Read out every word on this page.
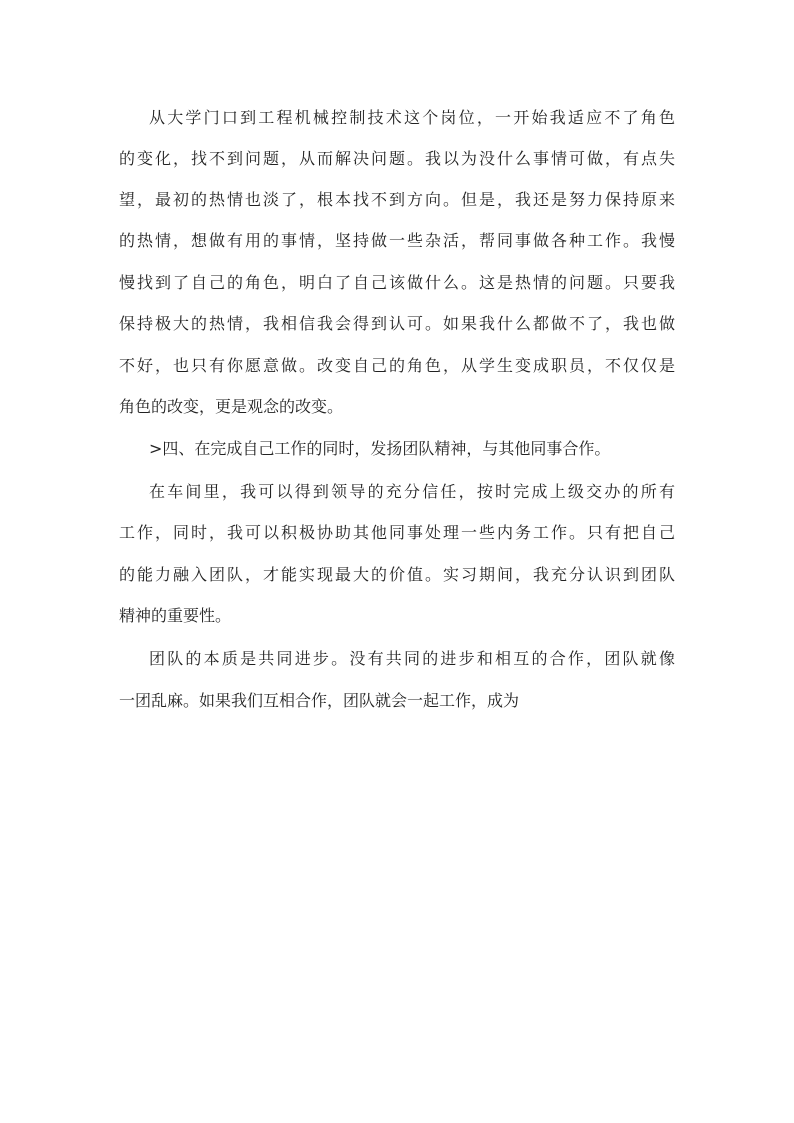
从大学门口到工程机械控制技术这个岗位，一开始我适应不了角色
的变化，找不到问题，从而解决问题。我以为没什么事情可做，有点失
望，最初的热情也淡了，根本找不到方向。但是，我还是努力保持原来
的热情，想做有用的事情，坚持做一些杂活，帮同事做各种工作。我慢
慢找到了自己的角色，明白了自己该做什么。这是热情的问题。只要我
保持极大的热情，我相信我会得到认可。如果我什么都做不了，我也做
不好，也只有你愿意做。改变自己的角色，从学生变成职员，不仅仅是
角色的改变，更是观念的改变。
>四、在完成自己工作的同时，发扬团队精神，与其他同事合作。
在车间里，我可以得到领导的充分信任，按时完成上级交办的所有
工作，同时，我可以积极协助其他同事处理一些内务工作。只有把自己
的能力融入团队，才能实现最大的价值。实习期间，我充分认识到团队
精神的重要性。
团队的本质是共同进步。没有共同的进步和相互的合作，团队就像
一团乱麻。如果我们互相合作，团队就会一起工作，成为
